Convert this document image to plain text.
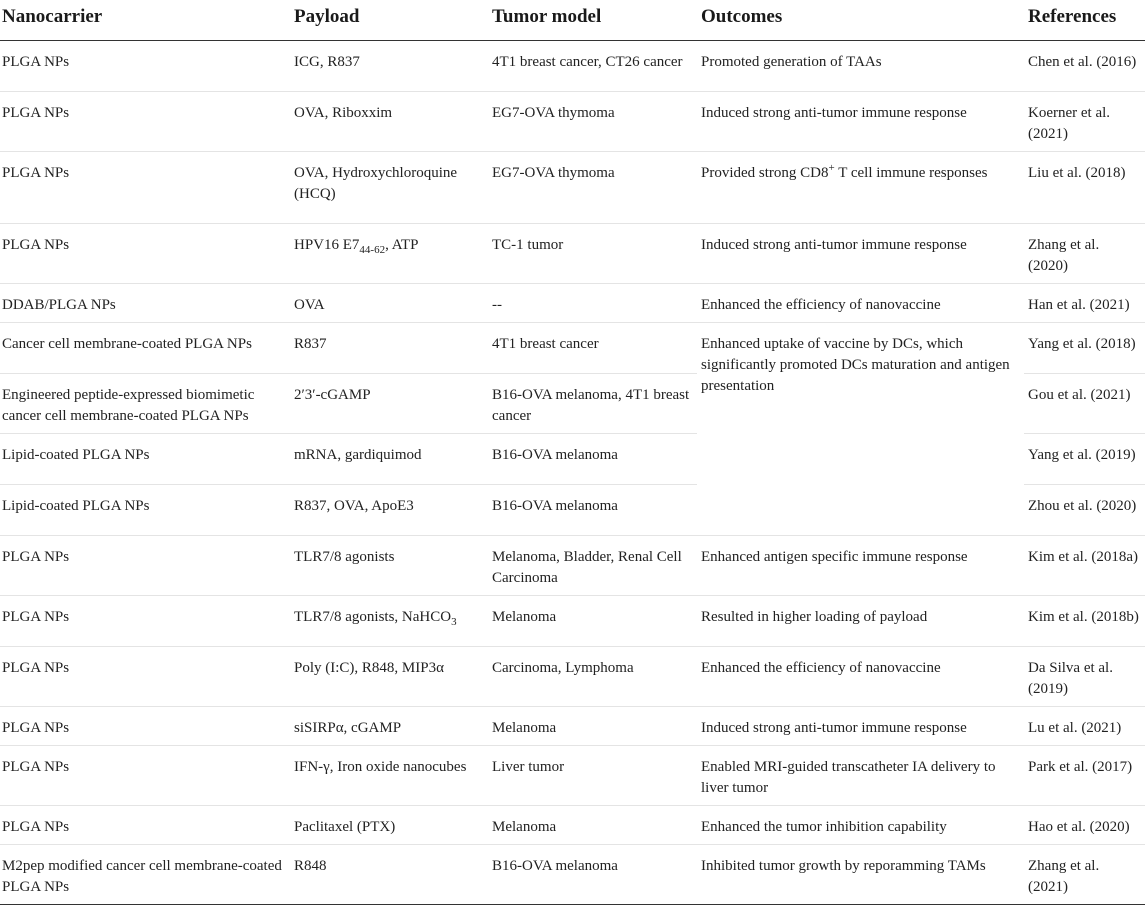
Nanocarrier	Payload	Tumor model	Outcomes	References
PLGA NPs	ICG, R837	4T1 breast cancer, CT26 cancer	Promoted generation of TAAs	Chen et al. (2016)
PLGA NPs	OVA, Riboxxim	EG7-OVA thymoma	Induced strong anti-tumor immune response	Koerner et al. (2021)
PLGA NPs	OVA, Hydroxychloroquine (HCQ)	EG7-OVA thymoma	Provided strong CD8+ T cell immune responses	Liu et al. (2018)
PLGA NPs	HPV16 $E7_{44-62}$, ATP	TC-1 tumor	Induced strong anti-tumor immune response	Zhang et al. (2020)
DDAB/PLGA NPs	OVA	--	Enhanced the efficiency of nanovaccine	Han et al. (2021)
Cancer cell membrane-coated PLGA NPs	R837	4T1 breast cancer	Enhanced uptake of vaccine by DCs, which significantly promoted DCs maturation and antigen presentation	Yang et al. (2018)
Engineered peptide-expressed biomimetic cancer cell membrane-coated PLGA NPs	2′3′-cGAMP	B16-OVA melanoma, 4T1 breast cancer		Gou et al. (2021)
Lipid-coated PLGA NPs	mRNA, gardiquimod	B16-OVA melanoma		Yang et al. (2019)
Lipid-coated PLGA NPs	R837, OVA, ApoE3	B16-OVA melanoma		Zhou et al. (2020)
PLGA NPs	TLR7/8 agonists	Melanoma, Bladder, Renal Cell Carcinoma	Enhanced antigen specific immune response	Kim et al. (2018a)
PLGA NPs	TLR7/8 agonists, NaHCO$_3$	Melanoma	Resulted in higher loading of payload	Kim et al. (2018b)
PLGA NPs	Poly (I:C), R848, MIP3α	Carcinoma, Lymphoma	Enhanced the efficiency of nanovaccine	Da Silva et al. (2019)
PLGA NPs	siSIRPα, cGAMP	Melanoma	Induced strong anti-tumor immune response	Lu et al. (2021)
PLGA NPs	IFN-γ, Iron oxide nanocubes	Liver tumor	Enabled MRI-guided transcatheter IA delivery to liver tumor	Park et al. (2017)
PLGA NPs	Paclitaxel (PTX)	Melanoma	Enhanced the tumor inhibition capability	Hao et al. (2020)
M2pep modified cancer cell membrane-coated PLGA NPs	R848	B16-OVA melanoma	Inhibited tumor growth by reporamming TAMs	Zhang et al. (2021)
